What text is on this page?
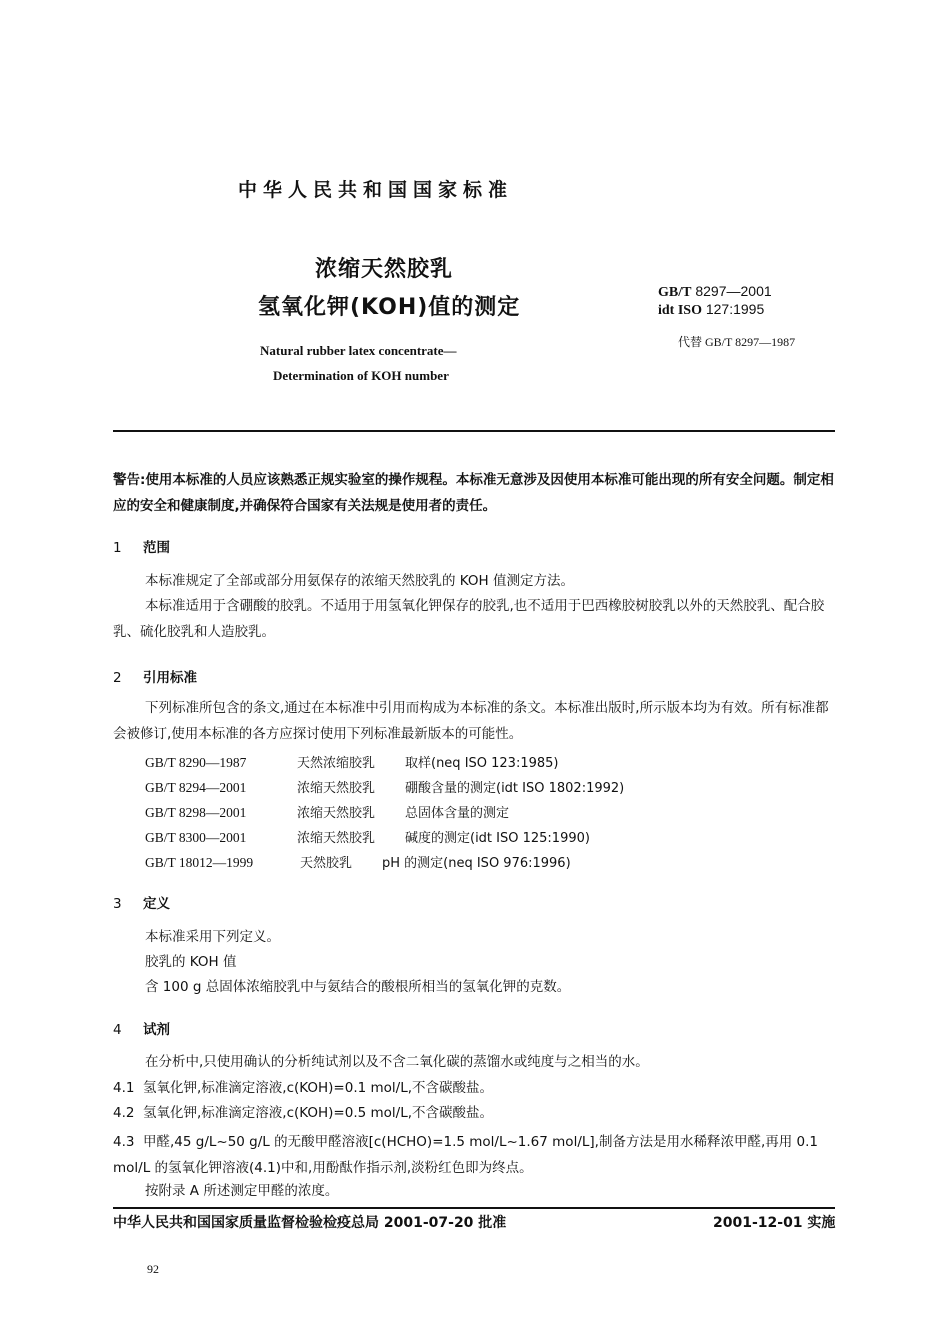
中华人民共和国国家标准
浓缩天然胶乳
氢氧化钾(KOH)值的测定
GB/T 8297—2001
idt ISO 127:1995
代替 GB/T 8297—1987
Natural rubber latex concentrate—
Determination of KOH number
警告:使用本标准的人员应该熟悉正规实验室的操作规程。本标准无意涉及因使用本标准可能出现的所有安全问题。制定相应的安全和健康制度,并确保符合国家有关法规是使用者的责任。
1 范围
本标准规定了全部或部分用氨保存的浓缩天然胶乳的 KOH 值测定方法。
本标准适用于含硼酸的胶乳。不适用于用氢氧化钾保存的胶乳,也不适用于巴西橡胶树胶乳以外的天然胶乳、配合胶乳、硫化胶乳和人造胶乳。
2 引用标准
下列标准所包含的条文,通过在本标准中引用而构成为本标准的条文。本标准出版时,所示版本均为有效。所有标准都会被修订,使用本标准的各方应探讨使用下列标准最新版本的可能性。
GB/T 8290—1987	天然浓缩胶乳 取样(neq ISO 123:1985)
GB/T 8294—2001	浓缩天然胶乳 硼酸含量的测定(idt ISO 1802:1992)
GB/T 8298—2001	浓缩天然胶乳 总固体含量的测定
GB/T 8300—2001	浓缩天然胶乳 碱度的测定(idt ISO 125:1990)
GB/T 18012—1999	天然胶乳 pH 的测定(neq ISO 976:1996)
3 定义
本标准采用下列定义。
胶乳的 KOH 值
含 100 g 总固体浓缩胶乳中与氨结合的酸根所相当的氢氧化钾的克数。
4 试剂
在分析中,只使用确认的分析纯试剂以及不含二氧化碳的蒸馏水或纯度与之相当的水。
4.1 氢氧化钾,标准滴定溶液,c(KOH)=0.1 mol/L,不含碳酸盐。
4.2 氢氧化钾,标准滴定溶液,c(KOH)=0.5 mol/L,不含碳酸盐。
4.3 甲醛,45 g/L~50 g/L 的无酸甲醛溶液[c(HCHO)=1.5 mol/L~1.67 mol/L],制备方法是用水稀释浓甲醛,再用 0.1 mol/L 的氢氧化钾溶液(4.1)中和,用酚酞作指示剂,淡粉红色即为终点。
按附录 A 所述测定甲醛的浓度。
中华人民共和国国家质量监督检验检疫总局 2001-07-20 批准	2001-12-01 实施
92
